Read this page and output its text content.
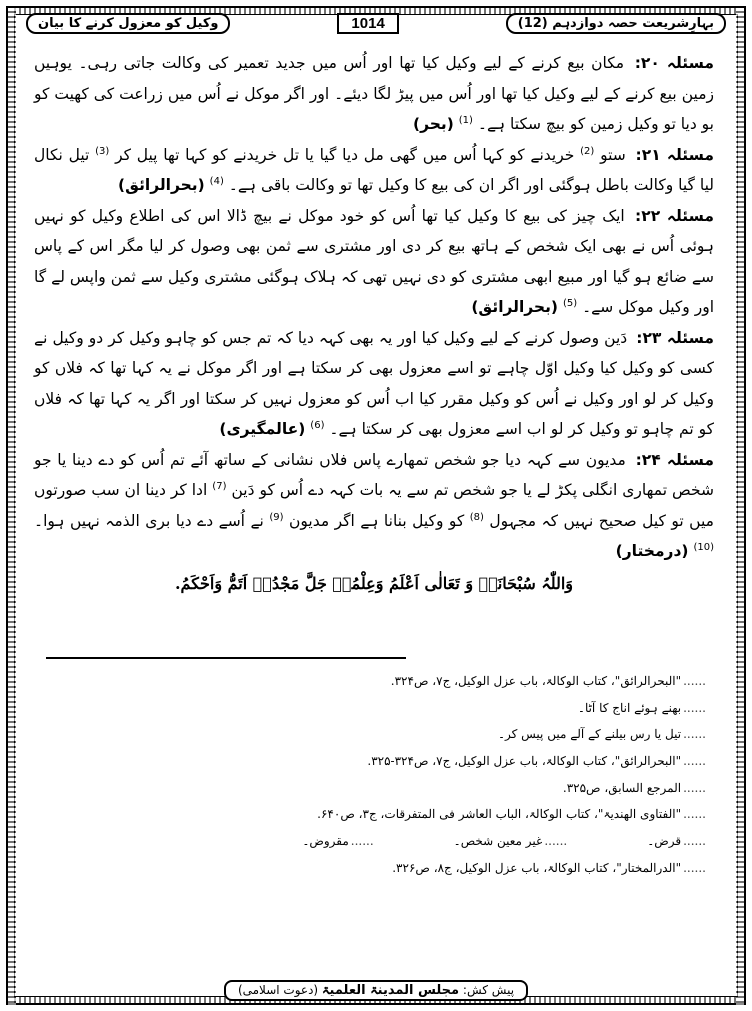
وکیل کو معزول کرنے کا بیان	1014	بہارِشریعت حصہ دوازدہم (12)

مسئلہ ۲۰: مکان بیع کرنے کے لیے وکیل کیا تھا اور اُس میں جدید تعمیر کی وکالت جاتی رہی۔ یوہیں زمین بیع کرنے کے لیے وکیل کیا تھا اور اُس میں پیڑ لگا دیئے۔ اور اگر موکل نے اُس میں زراعت کی کھیت کو بو دیا تو وکیل زمین کو بیچ سکتا ہے۔ $^{(1)}$ (بحر)

مسئلہ ۲۱: ستو $^{(2)}$ خریدنے کو کہا اُس میں گھی مل دیا گیا یا تل خریدنے کو کہا تھا پیل کر $^{(3)}$ تیل نکال لیا گیا وکالت باطل ہوگئی اور اگر ان کی بیع کا وکیل تھا تو وکالت باقی ہے۔ $^{(4)}$ (بحرالرائق)

مسئلہ ۲۲: ایک چیز کی بیع کا وکیل کیا تھا اُس کو خود موکل نے بیچ ڈالا اس کی اطلاع وکیل کو نہیں ہوئی اُس نے بھی ایک شخص کے ہاتھ بیع کر دی اور مشتری سے ثمن بھی وصول کر لیا مگر اس کے پاس سے ضائع ہو گیا اور مبیع ابھی مشتری کو دی نہیں تھی کہ ہلاک ہوگئی مشتری وکیل سے ثمن واپس لے گا اور وکیل موکل سے۔ $^{(5)}$ (بحرالرائق)

مسئلہ ۲۳: دَین وصول کرنے کے لیے وکیل کیا اور یہ بھی کہہ دیا کہ تم جس کو چاہو وکیل کر دو وکیل نے کسی کو وکیل کیا وکیل اوّل چاہے تو اسے معزول بھی کر سکتا ہے اور اگر موکل نے یہ کہا تھا کہ فلاں کو وکیل کر لو اور وکیل نے اُس کو وکیل مقرر کیا اب اُس کو معزول نہیں کر سکتا اور اگر یہ کہا تھا کہ فلاں کو تم چاہو تو وکیل کر لو اب اسے معزول بھی کر سکتا ہے۔ $^{(6)}$ (عالمگیری)

مسئلہ ۲۴: مدیون سے کہہ دیا جو شخص تمھارے پاس فلاں نشانی کے ساتھ آئے تم اُس کو دے دینا یا جو شخص تمھاری انگلی پکڑ لے یا جو شخص تم سے یہ بات کہہ دے اُس کو دَین $^{(7)}$ ادا کر دینا ان سب صورتوں میں تو کیل صحیح نہیں کہ مجہول $^{(8)}$ کو وکیل بنانا ہے اگر مدیون $^{(9)}$ نے اُسے دے دیا بری الذمہ نہیں ہوا۔ $^{(10)}$ (درمختار)

وَاللّٰہُ سُبْحَانَہٗ وَ تَعَالٰی اَعْلَمُ وَعِلْمُہٗ جَلَّ مَجْدُہٗ اَتَمُّ وَاَحْکَمُ.
......"البحرالرائق"، کتاب الوکالۃ، باب عزل الوکیل، ج۷، ص۳۲۴.
......بھنے ہوئے اناج کا آٹا۔
......تیل یا رس بیلنے کے آلے میں پیس کر۔
......"البحرالرائق"، کتاب الوکالۃ، باب عزل الوکیل، ج۷، ص۳۲۴-۳۲۵.
......المرجع السابق، ص۳۲۵.
......"الفتاوی الھندیۃ"، کتاب الوکالۃ، الباب العاشر فی المتفرقات، ج۳، ص۶۴۰.
......قرض۔
......غیر معین شخص۔
......مقروض۔
......"الدرالمختار"، کتاب الوکالۃ، باب عزل الوکیل، ج۸، ص۳۲۶.
پیش کش: مجلس المدینۃ العلمیۃ (دعوت اسلامی)
